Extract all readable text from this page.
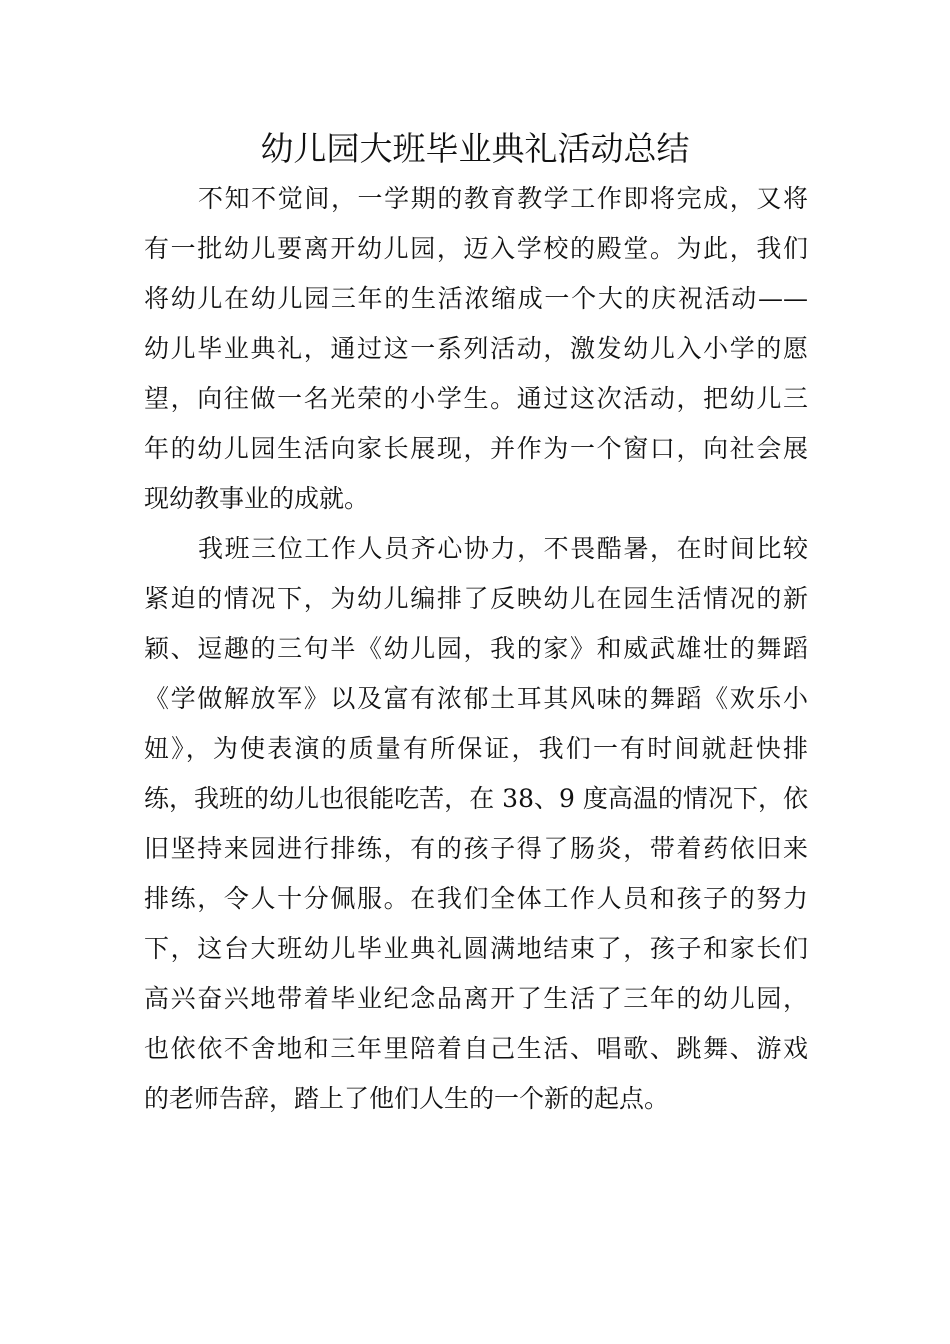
幼儿园大班毕业典礼活动总结
不知不觉间，一学期的教育教学工作即将完成，又将
有一批幼儿要离开幼儿园，迈入学校的殿堂。为此，我们
将幼儿在幼儿园三年的生活浓缩成一个大的庆祝活动——
幼儿毕业典礼，通过这一系列活动，激发幼儿入小学的愿
望，向往做一名光荣的小学生。通过这次活动，把幼儿三
年的幼儿园生活向家长展现，并作为一个窗口，向社会展
现幼教事业的成就。
我班三位工作人员齐心协力，不畏酷暑，在时间比较
紧迫的情况下，为幼儿编排了反映幼儿在园生活情况的新
颖、逗趣的三句半《幼儿园，我的家》和威武雄壮的舞蹈
《学做解放军》以及富有浓郁土耳其风味的舞蹈《欢乐小
妞》，为使表演的质量有所保证，我们一有时间就赶快排
练，我班的幼儿也很能吃苦，在 38、9 度高温的情况下，依
旧坚持来园进行排练，有的孩子得了肠炎，带着药依旧来
排练，令人十分佩服。在我们全体工作人员和孩子的努力
下，这台大班幼儿毕业典礼圆满地结束了，孩子和家长们
高兴奋兴地带着毕业纪念品离开了生活了三年的幼儿园，
也依依不舍地和三年里陪着自己生活、唱歌、跳舞、游戏
的老师告辞，踏上了他们人生的一个新的起点。
